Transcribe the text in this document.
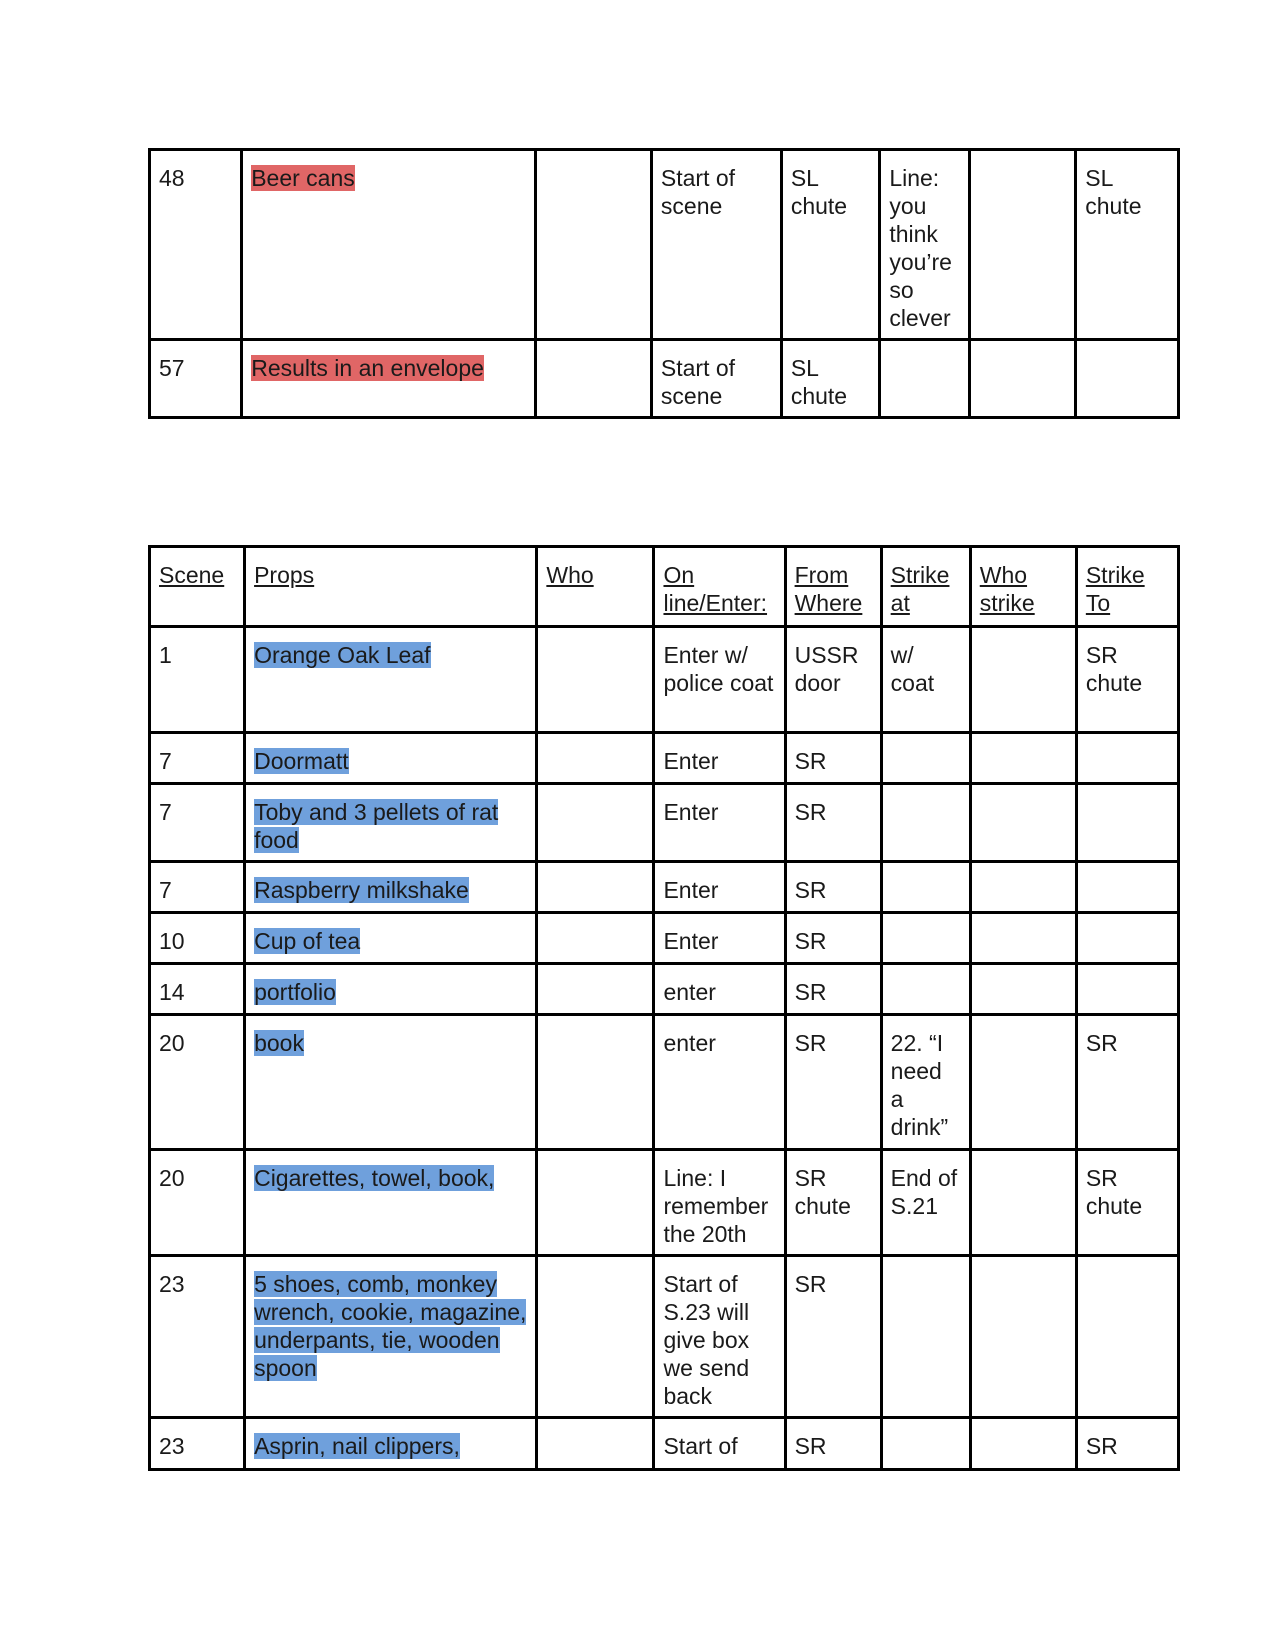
48	Beer cans		Start of scene	SL chute	Line: you think you’re so clever		SL chute
57	Results in an envelope		Start of scene	SL chute			
Scene	Props	Who	On line/Enter:	From Where	Strike at	Who strike	Strike To
1	Orange Oak Leaf		Enter w/ police coat	USSR door	w/ coat		SR chute
7	Doormatt		Enter	SR			
7	Toby and 3 pellets of rat food		Enter	SR			
7	Raspberry milkshake		Enter	SR			
10	Cup of tea		Enter	SR			
14	portfolio		enter	SR			
20	book		enter	SR	22. “I need a drink”		SR
20	Cigarettes, towel, book,		Line: I remember the 20th	SR chute	End of S.21		SR chute
23	5 shoes, comb, monkey wrench, cookie, magazine, underpants, tie, wooden spoon		Start of S.23 will give box we send back	SR			
23	Asprin, nail clippers,		Start of	SR			SR
